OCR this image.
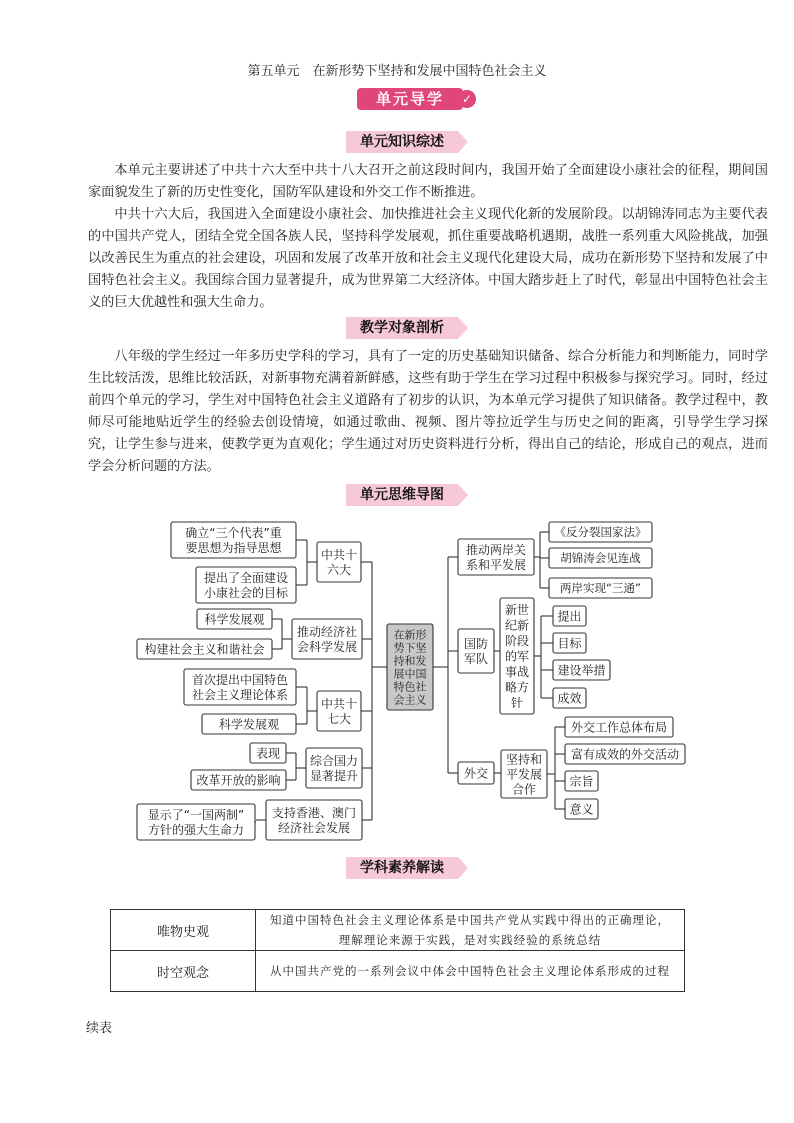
第五单元　在新形势下坚持和发展中国特色社会主义
单元导学	✓
单元知识综述

本单元主要讲述了中共十六大至中共十八大召开之前这段时间内，我国开始了全面建设小康社会的征程，期间国家面貌发生了新的历史性变化，国防军队建设和外交工作不断推进。

中共十六大后，我国进入全面建设小康社会、加快推进社会主义现代化新的发展阶段。以胡锦涛同志为主要代表的中国共产党人，团结全党全国各族人民，坚持科学发展观，抓住重要战略机遇期，战胜一系列重大风险挑战，加强以改善民生为重点的社会建设，巩固和发展了改革开放和社会主义现代化建设大局，成功在新形势下坚持和发展了中国特色社会主义。我国综合国力显著提升，成为世界第二大经济体。中国大踏步赶上了时代，彰显出中国特色社会主义的巨大优越性和强大生命力。

教学对象剖析

八年级的学生经过一年多历史学科的学习，具有了一定的历史基础知识储备、综合分析能力和判断能力，同时学生比较活泼，思维比较活跃，对新事物充满着新鲜感，这些有助于学生在学习过程中积极参与探究学习。同时，经过前四个单元的学习，学生对中国特色社会主义道路有了初步的认识，为本单元学习提供了知识储备。教学过程中，教师尽可能地贴近学生的经验去创设情境，如通过歌曲、视频、图片等拉近学生与历史之间的距离，引导学生学习探究，让学生参与进来，使教学更为直观化；学生通过对历史资料进行分析，得出自己的结论，形成自己的观点，进而学会分析问题的方法。

单元思维导图
在新形
势下坚
持和发
展中国
特色社
会主义
中共十
六大
确立“三个代表”重
要思想为指导思想
提出了全面建设
小康社会的目标
推动经济社
会科学发展
科学发展观
构建社会主义和谐社会
中共十
七大
首次提出中国特色
社会主义理论体系
科学发展观
综合国力
显著提升
表现
改革开放的影响
支持香港、澳门
经济社会发展
显示了“一国两制”
方针的强大生命力
推动两岸关
系和平发展
《反分裂国家法》
胡锦涛会见连战
两岸实现“三通”
国防
军队
新世
纪新
阶段
的军
事战
略方
针
提出
目标
建设举措
成效
外交
坚持和
平发展
合作
外交工作总体布局
富有成效的外交活动
宗旨
意义
学科素养解读
唯物史观	知道中国特色社会主义理论体系是中国共产党从实践中得出的正确理论，理解理论来源于实践，是对实践经验的系统总结
时空观念	从中国共产党的一系列会议中体会中国特色社会主义理论体系形成的过程
续表
